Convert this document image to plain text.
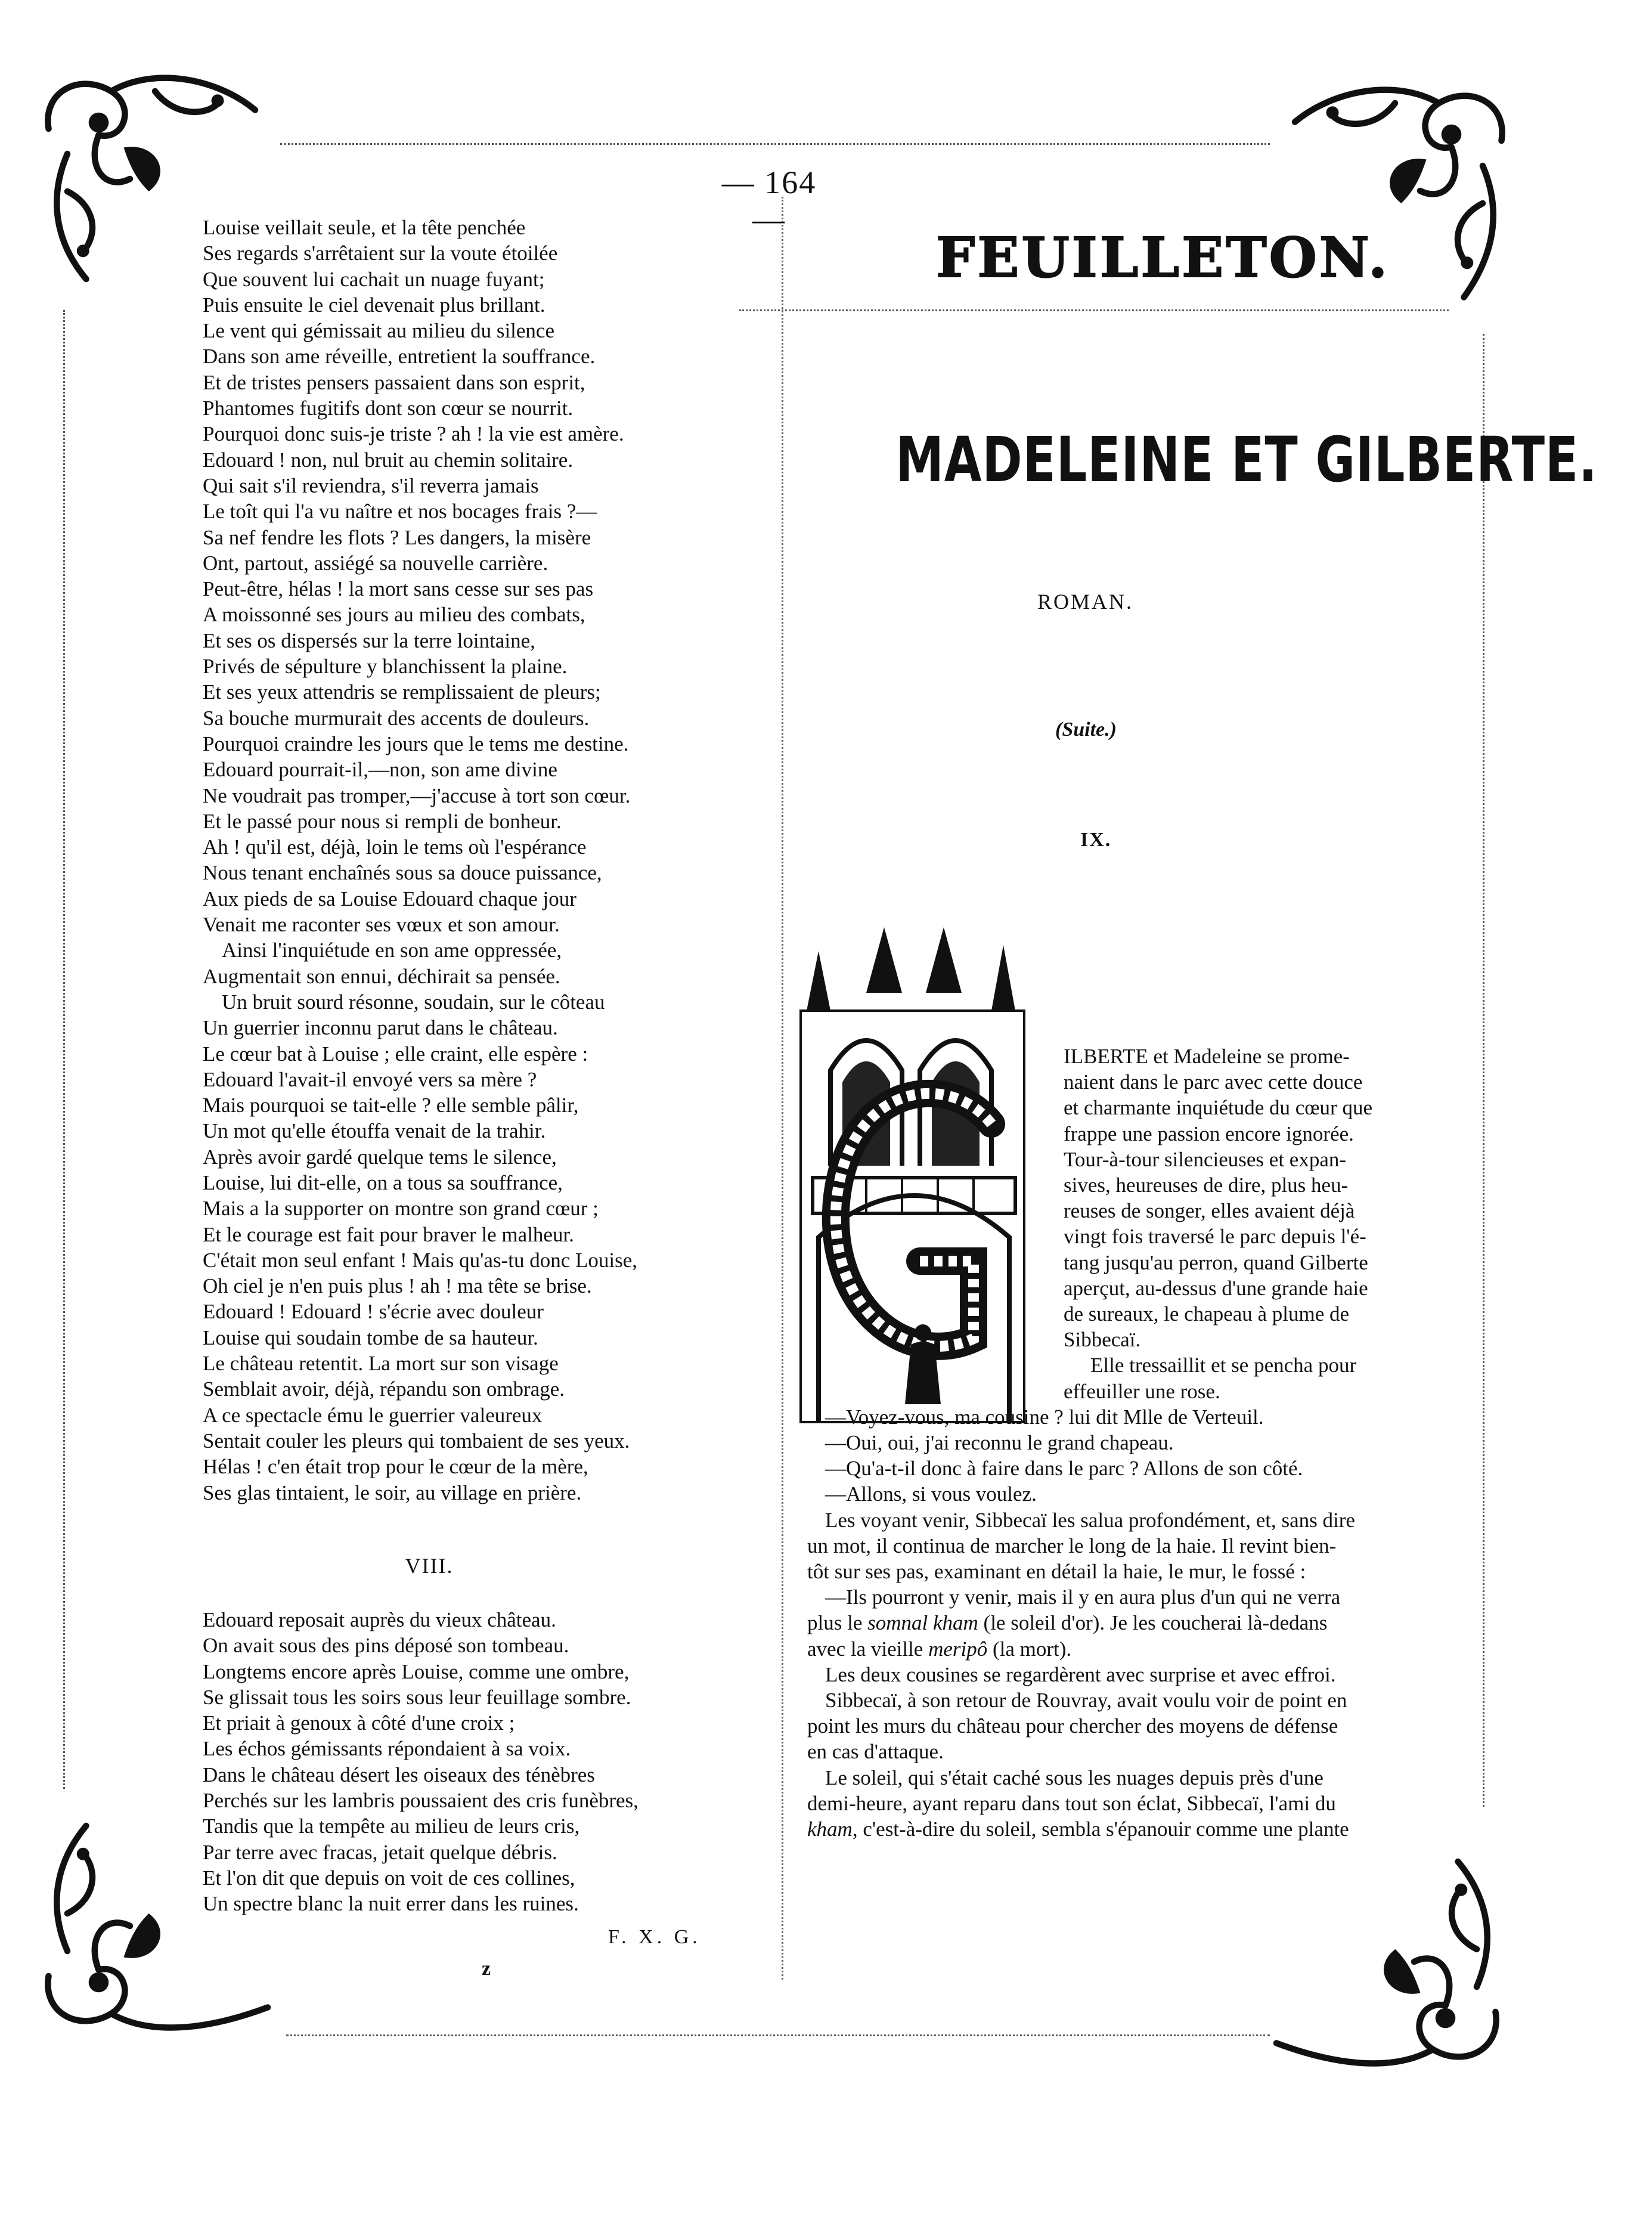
— 164 —
Louise veillait seule, et la tête penchée
Ses regards s'arrêtaient sur la voute étoilée
Que souvent lui cachait un nuage fuyant;
Puis ensuite le ciel devenait plus brillant.
Le vent qui gémissait au milieu du silence
Dans son ame réveille, entretient la souffrance.
Et de tristes pensers passaient dans son esprit,
Phantomes fugitifs dont son cœur se nourrit.
Pourquoi donc suis-je triste ? ah ! la vie est amère.
Edouard ! non, nul bruit au chemin solitaire.
Qui sait s'il reviendra, s'il reverra jamais
Le toît qui l'a vu naître et nos bocages frais ?—
Sa nef fendre les flots ? Les dangers, la misère
Ont, partout, assiégé sa nouvelle carrière.
Peut-être, hélas ! la mort sans cesse sur ses pas
A moissonné ses jours au milieu des combats,
Et ses os dispersés sur la terre lointaine,
Privés de sépulture y blanchissent la plaine.
Et ses yeux attendris se remplissaient de pleurs;
Sa bouche murmurait des accents de douleurs.
Pourquoi craindre les jours que le tems me destine.
Edouard pourrait-il,—non, son ame divine
Ne voudrait pas tromper,—j'accuse à tort son cœur.
Et le passé pour nous si rempli de bonheur.
Ah ! qu'il est, déjà, loin le tems où l'espérance
Nous tenant enchaînés sous sa douce puissance,
Aux pieds de sa Louise Edouard chaque jour
Venait me raconter ses vœux et son amour.
Ainsi l'inquiétude en son ame oppressée,
Augmentait son ennui, déchirait sa pensée.
Un bruit sourd résonne, soudain, sur le côteau
Un guerrier inconnu parut dans le château.
Le cœur bat à Louise ; elle craint, elle espère :
Edouard l'avait-il envoyé vers sa mère ?
Mais pourquoi se tait-elle ? elle semble pâlir,
Un mot qu'elle étouffa venait de la trahir.
Après avoir gardé quelque tems le silence,
Louise, lui dit-elle, on a tous sa souffrance,
Mais a la supporter on montre son grand cœur ;
Et le courage est fait pour braver le malheur.
C'était mon seul enfant ! Mais qu'as-tu donc Louise,
Oh ciel je n'en puis plus ! ah ! ma tête se brise.
Edouard ! Edouard ! s'écrie avec douleur
Louise qui soudain tombe de sa hauteur.
Le château retentit. La mort sur son visage
Semblait avoir, déjà, répandu son ombrage.
A ce spectacle ému le guerrier valeureux
Sentait couler les pleurs qui tombaient de ses yeux.
Hélas ! c'en était trop pour le cœur de la mère,
Ses glas tintaient, le soir, au village en prière.
VIII.
Edouard reposait auprès du vieux château.
On avait sous des pins déposé son tombeau.
Longtems encore après Louise, comme une ombre,
Se glissait tous les soirs sous leur feuillage sombre.
Et priait à genoux à côté d'une croix ;
Les échos gémissants répondaient à sa voix.
Dans le château désert les oiseaux des ténèbres
Perchés sur les lambris poussaient des cris funèbres,
Tandis que la tempête au milieu de leurs cris,
Par terre avec fracas, jetait quelque débris.
Et l'on dit que depuis on voit de ces collines,
Un spectre blanc la nuit errer dans les ruines.
F. X. G.
z
FEUILLETON.
MADELEINE ET GILBERTE.
ROMAN.
(Suite.)
IX.
ILBERTE et Madeleine se prome-
naient dans le parc avec cette douce
et charmante inquiétude du cœur que
frappe une passion encore ignorée.
Tour-à-tour silencieuses et expan-
sives, heureuses de dire, plus heu-
reuses de songer, elles avaient déjà
vingt fois traversé le parc depuis l'é-
tang jusqu'au perron, quand Gilberte
aperçut, au-dessus d'une grande haie
de sureaux, le chapeau à plume de
Sibbecaï.
Elle tressaillit et se pencha pour
effeuiller une rose.
—Voyez-vous, ma cousine ? lui dit Mlle de Verteuil.
—Oui, oui, j'ai reconnu le grand chapeau.
—Qu'a-t-il donc à faire dans le parc ? Allons de son côté.
—Allons, si vous voulez.
Les voyant venir, Sibbecaï les salua profondément, et, sans dire
un mot, il continua de marcher le long de la haie. Il revint bien-
tôt sur ses pas, examinant en détail la haie, le mur, le fossé :
—Ils pourront y venir, mais il y en aura plus d'un qui ne verra
plus le somnal kham (le soleil d'or). Je les coucherai là-dedans
avec la vieille meripô (la mort).
Les deux cousines se regardèrent avec surprise et avec effroi.
Sibbecaï, à son retour de Rouvray, avait voulu voir de point en
point les murs du château pour chercher des moyens de défense
en cas d'attaque.
Le soleil, qui s'était caché sous les nuages depuis près d'une
demi-heure, ayant reparu dans tout son éclat, Sibbecaï, l'ami du
kham, c'est-à-dire du soleil, sembla s'épanouir comme une plante
